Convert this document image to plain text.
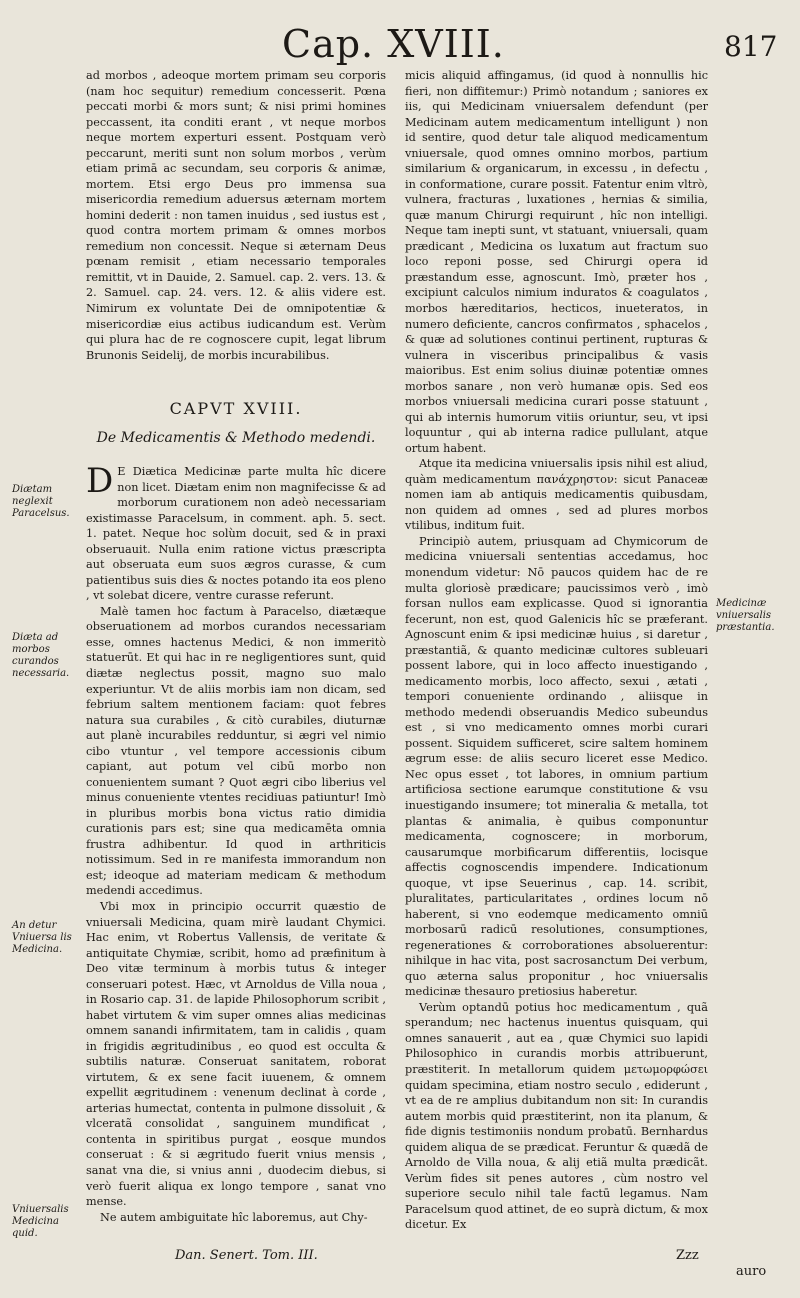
Cap. XVIII.	817

ad morbos , adeoque mortem primam seu corporis (nam hoc sequitur) remedium concesserit. Pœna peccati morbi & mors sunt; & nisi primi homines peccassent, ita conditi erant , vt neque morbos neque mortem experturi essent. Postquam verò peccarunt, meriti sunt non solum morbos , verùm etiam primā ac secundam, seu corporis & animæ, mortem. Etsi ergo Deus pro immensa sua misericordia remedium aduersus æternam mortem homini dederit : non tamen inuidus , sed iustus est , quod contra mortem primam & omnes morbos remedium non concessit. Neque si æternam Deus pœnam remisit , etiam necessario temporales remittit, vt in Dauide, 2. Samuel. cap. 2. vers. 13. & 2. Samuel. cap. 24. vers. 12. & aliis videre est. Nimirum ex voluntate Dei de omnipotentiæ & misericordiæ eius actibus iudicandum est. Verùm qui plura hac de re cognoscere cupit, legat librum Brunonis Seidelij, de morbis incurabilibus.

CAPVT XVIII.
De Medicamentis & Methodo medendi.

D E Diætica Medicinæ parte multa hîc dicere non licet. Diætam enim non magnifecisse & ad morborum curationem non adeò necessariam existimasse Paracelsum, in comment. aph. 5. sect. 1. patet. Neque hoc solùm docuit, sed & in praxi obseruauit. Nulla enim ratione victus præscripta aut obseruata eum suos ægros curasse, & cum patientibus suis dies & noctes potando ita eos pleno , vt solebat dicere, ventre curasse referunt.

Malè tamen hoc factum à Paracelso, diætæque obseruationem ad morbos curandos necessariam esse, omnes hactenus Medici, & non immeritò statuerūt. Et qui hac in re negligentiores sunt, quid diætæ neglectus possit, magno suo malo experiuntur. Vt de aliis morbis iam non dicam, sed febrium saltem mentionem faciam: quot febres natura sua curabiles , & citò curabiles, diuturnæ aut planè incurabiles redduntur, si ægri vel nimio cibo vtuntur , vel tempore accessionis cibum capiant, aut potum vel cibū morbo non conuenientem sumant ? Quot ægri cibo liberius vel minus conueniente vtentes recidiuas patiuntur! Imò in pluribus morbis bona victus ratio dimidia curationis pars est; sine qua medicamēta omnia frustra adhibentur. Id quod in arthriticis notissimum. Sed in re manifesta immorandum non est; ideoque ad materiam medicam & methodum medendi accedimus.

Vbi mox in principio occurrit quæstio de vniuersali Medicina, quam mirè laudant Chymici. Hac enim, vt Robertus Vallensis, de veritate & antiquitate Chymiæ, scribit, homo ad præfinitum à Deo vitæ terminum à morbis tutus & integer conseruari potest. Hæc, vt Arnoldus de Villa noua , in Rosario cap. 31. de lapide Philosophorum scribit , habet virtutem & vim super omnes alias medicinas omnem sanandi infirmitatem, tam in calidis , quam in frigidis ægritudinibus , eo quod est occulta & subtilis naturæ. Conseruat sanitatem, roborat virtutem, & ex sene facit iuuenem, & omnem expellit ægritudinem : venenum declinat à corde , arterias humectat, contenta in pulmone dissoluit , & vlceratã consolidat , sanguinem mundificat , contenta in spiritibus purgat , eosque mundos conseruat : & si ægritudo fuerit vnius mensis , sanat vna die, si vnius anni , duodecim diebus, si verò fuerit aliqua ex longo tempore , sanat vno mense.

Ne autem ambiguitate hîc laboremus, aut Chy-

micis aliquid affingamus, (id quod à nonnullis hic fieri, non diffitemur:) Primò notandum ; saniores ex iis, qui Medicinam vniuersalem defendunt (per Medicinam autem medicamentum intelligunt ) non id sentire, quod detur tale aliquod medicamentum vniuersale, quod omnes omnino morbos, partium similarium & organicarum, in excessu , in defectu , in conformatione, curare possit. Fatentur enim vltrò, vulnera, fracturas , luxationes , hernias & similia, quæ manum Chirurgi requirunt , hîc non intelligi. Neque tam inepti sunt, vt statuant, vniuersali, quam prædicant , Medicina os luxatum aut fractum suo loco reponi posse, sed Chirurgi opera id præstandum esse, agnoscunt. Imò, præter hos , excipiunt calculos nimium induratos & coagulatos , morbos hæreditarios, hecticos, inueteratos, in numero deficiente, cancros confirmatos , sphacelos , & quæ ad solutiones continui pertinent, rupturas & vulnera in visceribus principalibus & vasis maioribus. Est enim solius diuinæ potentiæ omnes morbos sanare , non verò humanæ opis. Sed eos morbos vniuersali medicina curari posse statuunt , qui ab internis humorum vitiis oriuntur, seu, vt ipsi loquuntur , qui ab interna radice pullulant, atque ortum habent.

Atque ita medicina vniuersalis ipsis nihil est aliud, quàm medicamentum πανάχρηστον: sicut Panaceæ nomen iam ab antiquis medicamentis quibusdam, non quidem ad omnes , sed ad plures morbos vtilibus, inditum fuit.

Principiò autem, priusquam ad Chymicorum de medicina vniuersali sententias accedamus, hoc monendum videtur: Nō paucos quidem hac de re multa gloriosè prædicare; paucissimos verò , imò forsan nullos eam explicasse. Quod si ignorantia fecerunt, non est, quod Galenicis hîc se præferant. Agnoscunt enim & ipsi medicinæ huius , si daretur , præstantiã, & quanto medicinæ cultores subleuari possent labore, qui in loco affecto inuestigando , medicamento morbis, loco affecto, sexui , ætati , tempori conueniente ordinando , aliisque in methodo medendi obseruandis Medico subeundus est , si vno medicamento omnes morbi curari possent. Siquidem sufficeret, scire saltem hominem ægrum esse: de aliis securo liceret esse Medico. Nec opus esset , tot labores, in omnium partium artificiosa sectione earumque constitutione & vsu inuestigando insumere; tot mineralia & metalla, tot plantas & animalia, è quibus componuntur medicamenta, cognoscere; in morborum, causarumque morbificarum differentiis, locisque affectis cognoscendis impendere. Indicationum quoque, vt ipse Seuerinus , cap. 14. scribit, pluralitates, particularitates , ordines locum nō haberent, si vno eodemque medicamento omniū morbosarū radicū resolutiones, consumptiones, regenerationes & corroborationes absoluerentur: nihilque in hac vita, post sacrosanctum Dei verbum, quo æterna salus proponitur , hoc vniuersalis medicinæ thesauro pretiosius haberetur.

Verùm optandū potius hoc medicamentum , quã sperandum; nec hactenus inuentus quisquam, qui omnes sanauerit , aut ea , quæ Chymici suo lapidi Philosophico in curandis morbis attribuerunt, præstiterit. In metallorum quidem μετωμορφώσει quidam specimina, etiam nostro seculo , ediderunt , vt ea de re amplius dubitandum non sit: In curandis autem morbis quid præstiterint, non ita planum, & fide dignis testimoniis nondum probatū. Bernhardus quidem aliqua de se prædicat. Feruntur & quædã de Arnoldo de Villa noua, & alij etiã multa prædicãt. Verùm fides sit penes autores , cùm nostro vel superiore seculo nihil tale factū legamus. Nam Paracelsum quod attinet, de eo suprà dictum, & mox dicetur. Ex

Diætam neglexit Paracelsus.
Diæta ad morbos curandos necessaria.
An detur Vniuersa lis Medicina.
Vniuersalis Medicina quid.
Medicinæ vniuersalis præstantia.
Dan. Senert. Tom. III.	Zzz
auro
